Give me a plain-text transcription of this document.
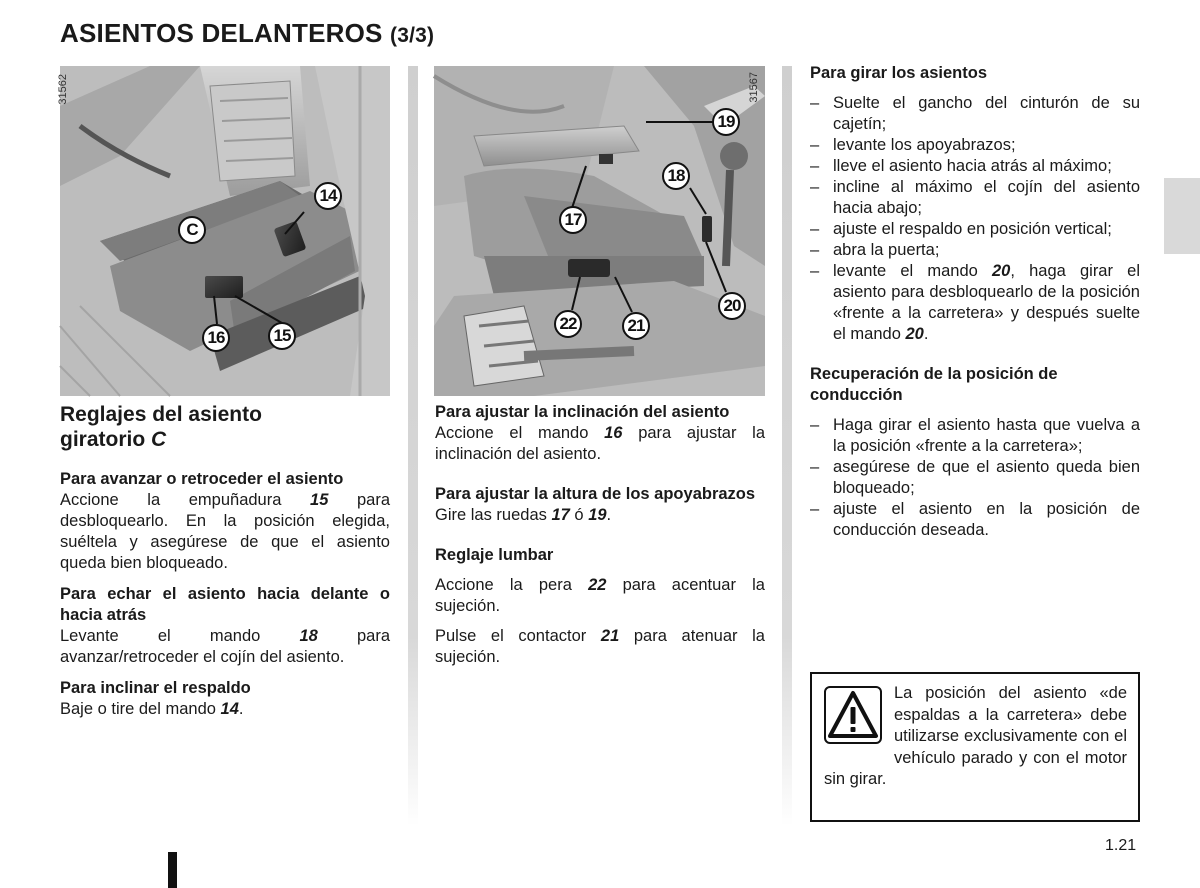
ASIENTOS DELANTEROS (3/3)
31562
14
C
16	15
31567
19
18
17
22	21
20
Reglajes del asiento
giratorio C
Para avanzar o retroceder el asiento
Accione la empuñadura 15 para desbloquearlo. En la posición elegida, suéltela y asegúrese de que el asiento queda bien bloqueado.
Para echar el asiento hacia delante o hacia atrás
Levante el mando 18 para avanzar/retroceder el cojín del asiento.
Para inclinar el respaldo
Baje o tire del mando 14.
Para ajustar la inclinación del asiento
Accione el mando 16 para ajustar la inclinación del asiento.
Para ajustar la altura de los apoyabrazos
Gire las ruedas 17 ó 19.
Reglaje lumbar
Accione la pera 22 para acentuar la sujeción.
Pulse el contactor 21 para atenuar la sujeción.
Para girar los asientos
– Suelte el gancho del cinturón de su cajetín;
– levante los apoyabrazos;
– lleve el asiento hacia atrás al máximo;
– incline al máximo el cojín del asiento hacia abajo;
– ajuste el respaldo en posición vertical;
– abra la puerta;
– levante el mando 20, haga girar el asiento para desbloquearlo de la posición «frente a la carretera» y después suelte el mando 20.
Recuperación de la posición de conducción
– Haga girar el asiento hasta que vuelva a la posición «frente a la carretera»;
– asegúrese de que el asiento queda bien bloqueado;
– ajuste el asiento en la posición de conducción deseada.
La posición del asiento «de espaldas a la carretera» debe utilizarse exclusivamente con el vehículo parado y con el motor sin girar.
1.21
